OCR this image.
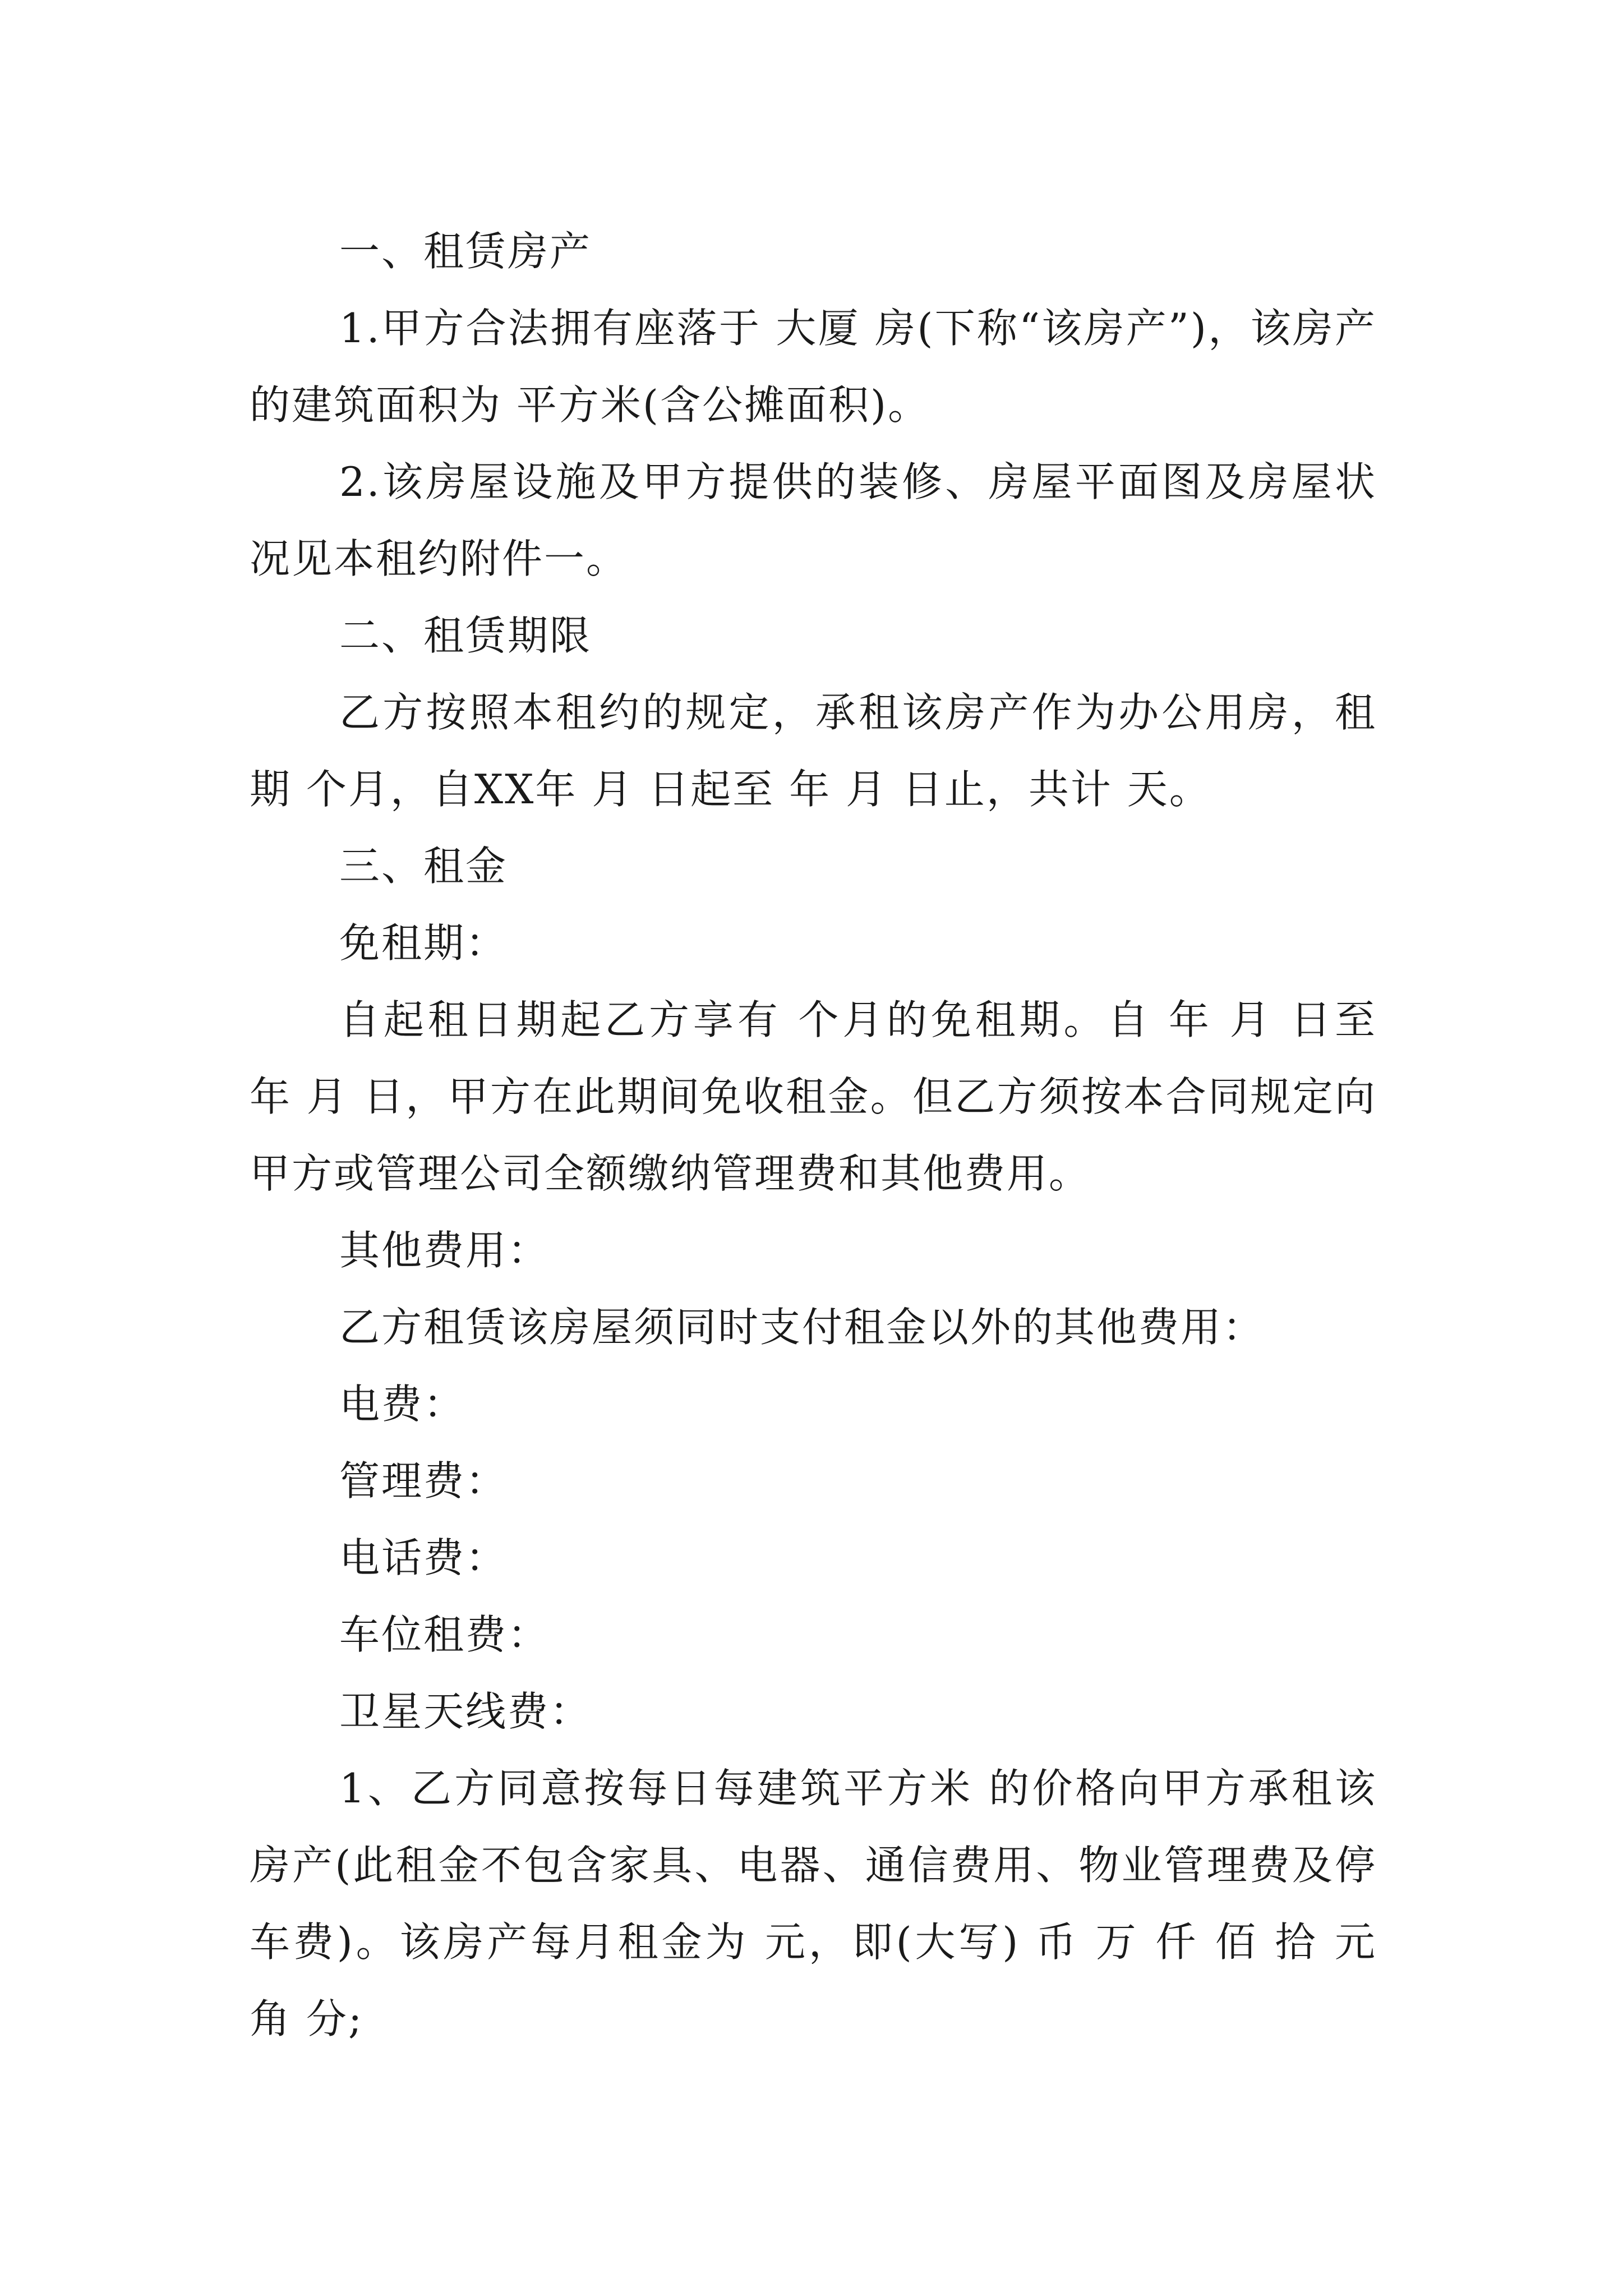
一、租赁房产

1.甲方合法拥有座落于 大厦 房(下称“该房产”)，该房产的建筑面积为 平方米(含公摊面积)。

2.该房屋设施及甲方提供的装修、房屋平面图及房屋状况见本租约附件一。

二、租赁期限

乙方按照本租约的规定，承租该房产作为办公用房，租期 个月，自XX年 月 日起至 年 月 日止，共计 天。

三、租金

免租期：

自起租日期起乙方享有 个月的免租期。自 年 月 日至 年 月 日，甲方在此期间免收租金。但乙方须按本合同规定向甲方或管理公司全额缴纳管理费和其他费用。

其他费用：

乙方租赁该房屋须同时支付租金以外的其他费用：

电费：

管理费：

电话费：

车位租费：

卫星天线费：

1、乙方同意按每日每建筑平方米 的价格向甲方承租该房产(此租金不包含家具、电器、通信费用、物业管理费及停车费)。该房产每月租金为 元，即(大写) 币 万 仟 佰 拾 元 角 分;
